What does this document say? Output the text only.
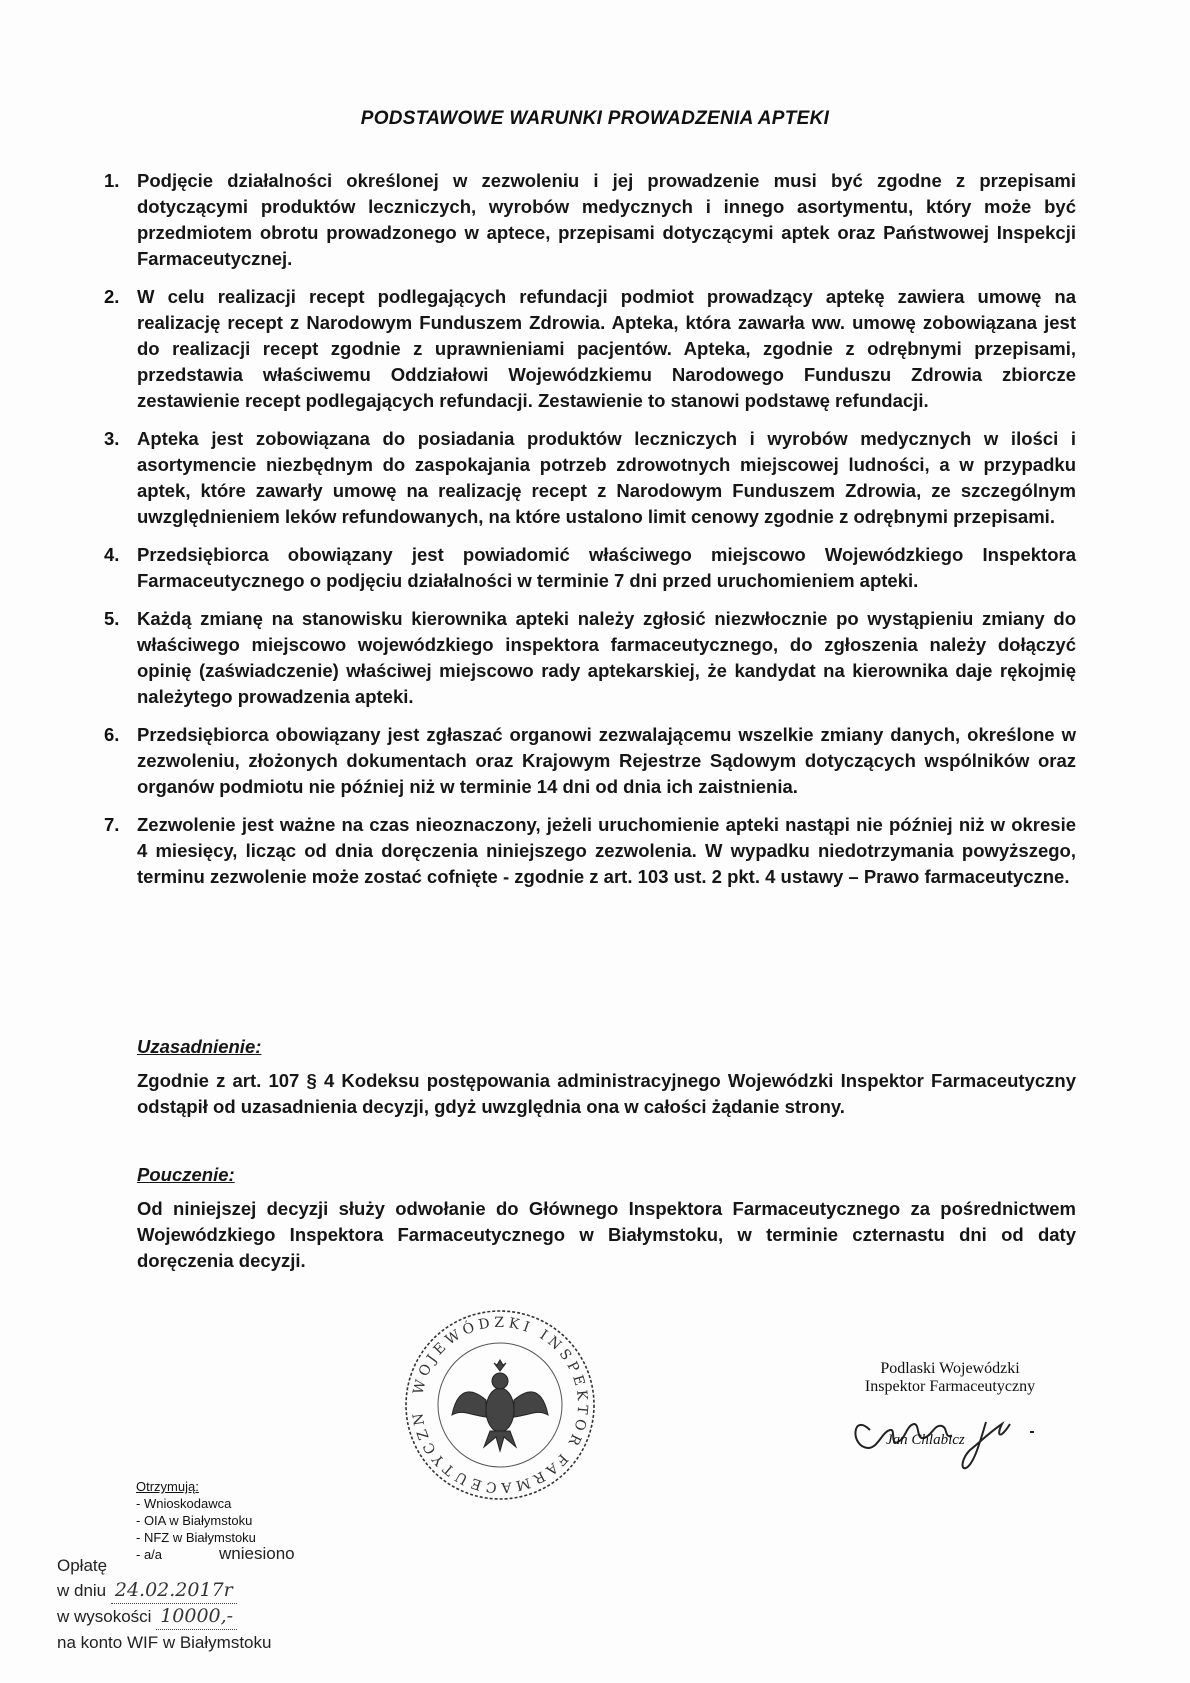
PODSTAWOWE WARUNKI PROWADZENIA APTEKI
1. Podjęcie działalności określonej w zezwoleniu i jej prowadzenie musi być zgodne z przepisami dotyczącymi produktów leczniczych, wyrobów medycznych i innego asortymentu, który może być przedmiotem obrotu prowadzonego w aptece, przepisami dotyczącymi aptek oraz Państwowej Inspekcji Farmaceutycznej.
2. W celu realizacji recept podlegających refundacji podmiot prowadzący aptekę zawiera umowę na realizację recept z Narodowym Funduszem Zdrowia. Apteka, która zawarła ww. umowę zobowiązana jest do realizacji recept zgodnie z uprawnieniami pacjentów. Apteka, zgodnie z odrębnymi przepisami, przedstawia właściwemu Oddziałowi Wojewódzkiemu Narodowego Funduszu Zdrowia zbiorcze zestawienie recept podlegających refundacji. Zestawienie to stanowi podstawę refundacji.
3. Apteka jest zobowiązana do posiadania produktów leczniczych i wyrobów medycznych w ilości i asortymencie niezbędnym do zaspokajania potrzeb zdrowotnych miejscowej ludności, a w przypadku aptek, które zawarły umowę na realizację recept z Narodowym Funduszem Zdrowia, ze szczególnym uwzględnieniem leków refundowanych, na które ustalono limit cenowy zgodnie z odrębnymi przepisami.
4. Przedsiębiorca obowiązany jest powiadomić właściwego miejscowo Wojewódzkiego Inspektora Farmaceutycznego o podjęciu działalności w terminie 7 dni przed uruchomieniem apteki.
5. Każdą zmianę na stanowisku kierownika apteki należy zgłosić niezwłocznie po wystąpieniu zmiany do właściwego miejscowo wojewódzkiego inspektora farmaceutycznego, do zgłoszenia należy dołączyć opinię (zaświadczenie) właściwej miejscowo rady aptekarskiej, że kandydat na kierownika daje rękojmię należytego prowadzenia apteki.
6. Przedsiębiorca obowiązany jest zgłaszać organowi zezwalającemu wszelkie zmiany danych, określone w zezwoleniu, złożonych dokumentach oraz Krajowym Rejestrze Sądowym dotyczących wspólników oraz organów podmiotu nie później niż w terminie 14 dni od dnia ich zaistnienia.
7. Zezwolenie jest ważne na czas nieoznaczony, jeżeli uruchomienie apteki nastąpi nie później niż w okresie 4 miesięcy, licząc od dnia doręczenia niniejszego zezwolenia. W wypadku niedotrzymania powyższego, terminu zezwolenie może zostać cofnięte - zgodnie z art. 103 ust. 2 pkt. 4 ustawy – Prawo farmaceutyczne.
Uzasadnienie:
Zgodnie z art. 107 § 4 Kodeksu postępowania administracyjnego Wojewódzki Inspektor Farmaceutyczny odstąpił od uzasadnienia decyzji, gdyż uwzględnia ona w całości żądanie strony.
Pouczenie:
Od niniejszej decyzji służy odwołanie do Głównego Inspektora Farmaceutycznego za pośrednictwem Wojewódzkiego Inspektora Farmaceutycznego w Białymstoku, w terminie czternastu dni od daty doręczenia decyzji.
WOJEWÓDZKI INSPEKTOR FARMACEUTYCZN
Podlaski Wojewódzki
Inspektor Farmaceutyczny
Jan Chlabicz
Otrzymują:
- Wnioskodawca
- OIA w Białymstoku
- NFZ w Białymstoku
- a/a
Opłatę
wniesiono
w dniu 24.02.2017r
w wysokości 10000,-
na konto WIF w Białymstoku
